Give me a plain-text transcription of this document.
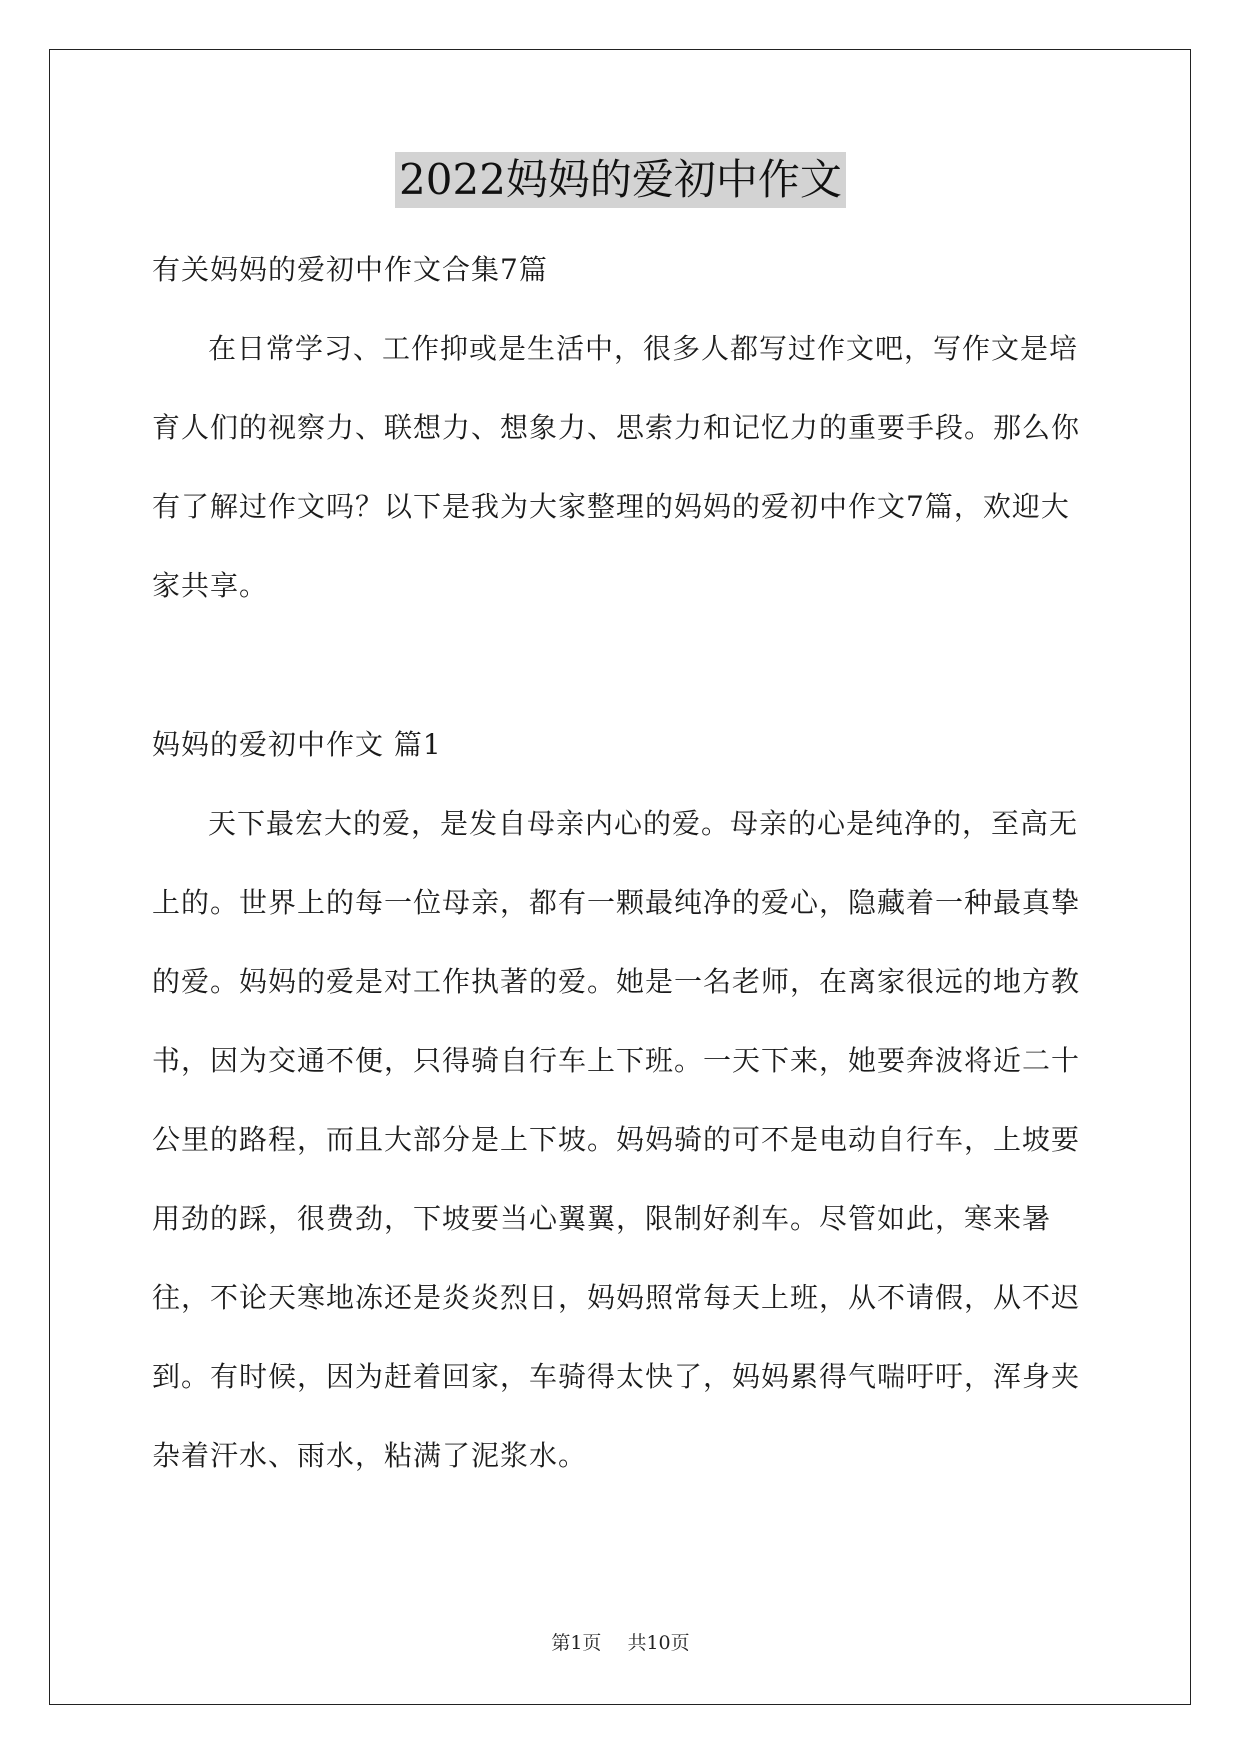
2022妈妈的爱初中作文

有关妈妈的爱初中作文合集7篇

在日常学习、工作抑或是生活中，很多人都写过作文吧，写作文是培育人们的视察力、联想力、想象力、思索力和记忆力的重要手段。那么你有了解过作文吗？以下是我为大家整理的妈妈的爱初中作文7篇，欢迎大家共享。

妈妈的爱初中作文 篇1

天下最宏大的爱，是发自母亲内心的爱。母亲的心是纯净的，至高无上的。世界上的每一位母亲，都有一颗最纯净的爱心，隐藏着一种最真挚的爱。妈妈的爱是对工作执著的爱。她是一名老师，在离家很远的地方教书，因为交通不便，只得骑自行车上下班。一天下来，她要奔波将近二十公里的路程，而且大部分是上下坡。妈妈骑的可不是电动自行车，上坡要用劲的踩，很费劲，下坡要当心翼翼，限制好刹车。尽管如此，寒来暑往，不论天寒地冻还是炎炎烈日，妈妈照常每天上班，从不请假，从不迟到。有时候，因为赶着回家，车骑得太快了，妈妈累得气喘吁吁，浑身夹杂着汗水、雨水，粘满了泥浆水。

第1页 共10页
